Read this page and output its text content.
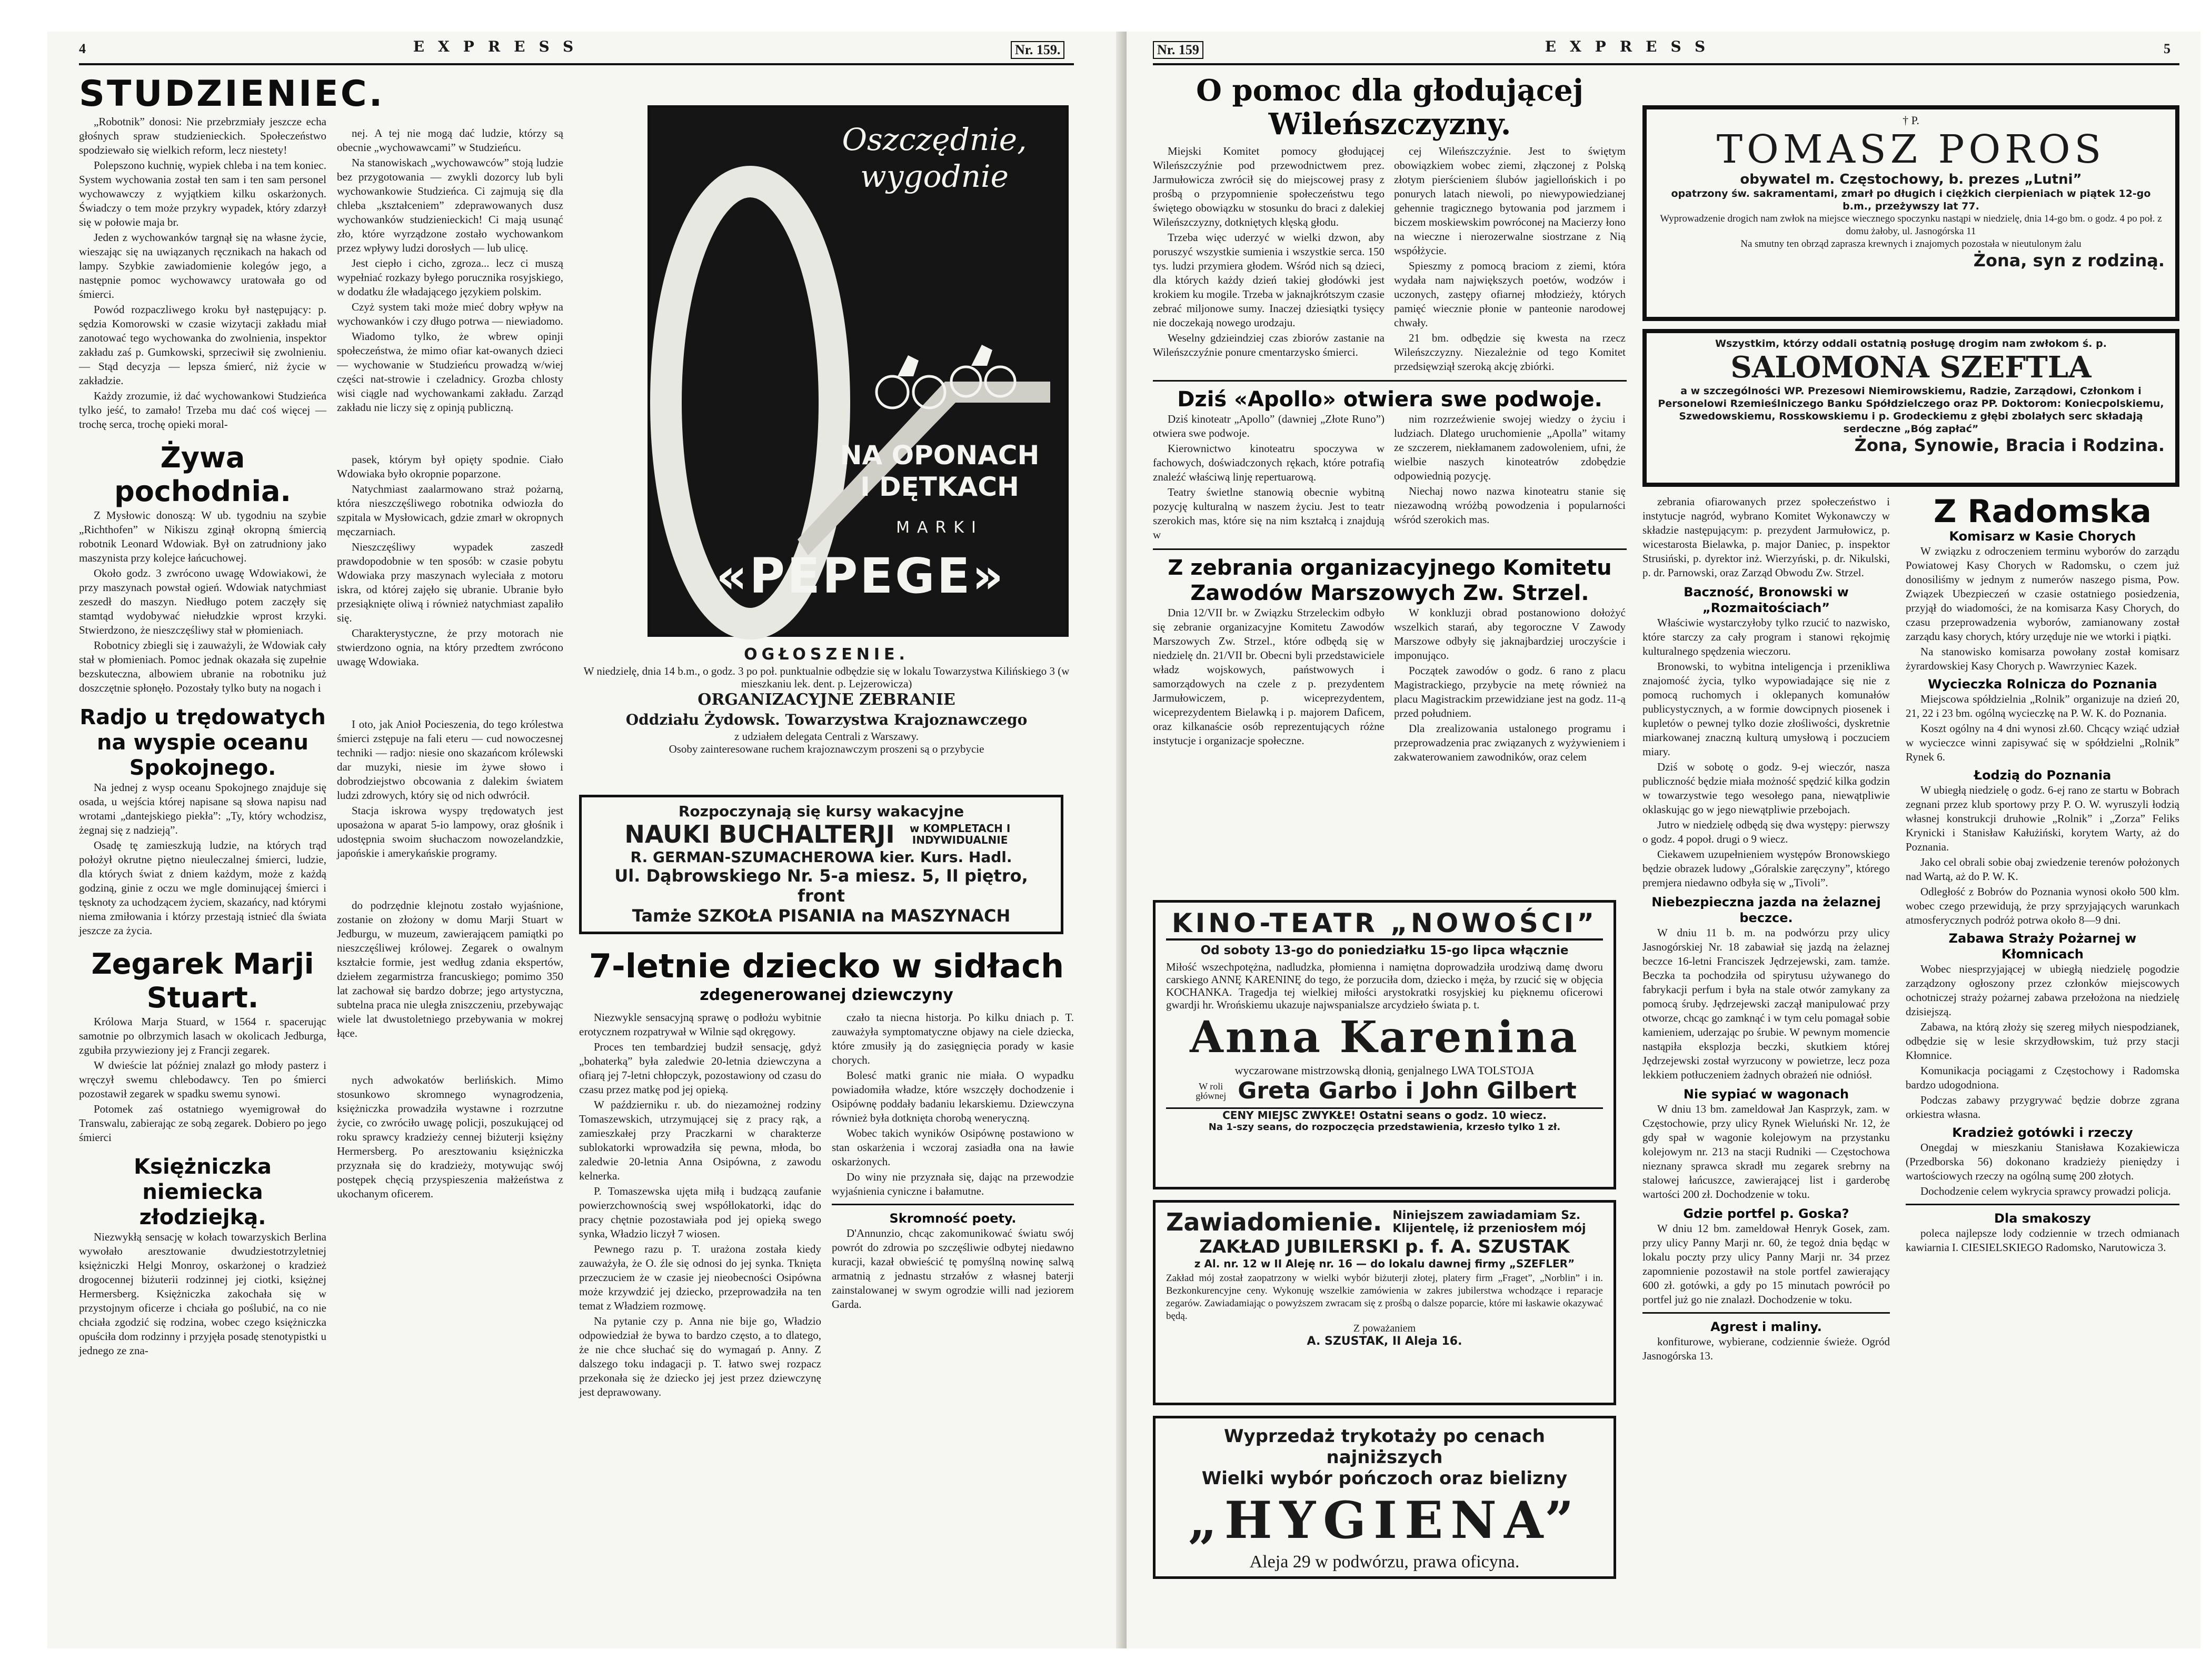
4	EXPRESS	Nr. 159.
STUDZIENIEC.

„Robotnik” donosi: Nie przebrzmiały jeszcze echa głośnych spraw studzienieckich. Społeczeństwo spodziewało się wielkich reform, lecz niestety!

Polepszono kuchnię, wypiek chleba i na tem koniec. System wychowania został ten sam i ten sam personel wychowawczy z wyjątkiem kilku oskarżonych. Świadczy o tem może przykry wypadek, który zdarzył się w połowie maja br.

Jeden z wychowanków targnął się na własne życie, wieszając się na uwiązanych ręcznikach na hakach od lampy. Szybkie zawiadomienie kolegów jego, a następnie pomoc wychowawcy uratowała go od śmierci.

Powód rozpaczliwego kroku był następujący: p. sędzia Komorowski w czasie wizytacji zakładu miał zanotować tego wychowanka do zwolnienia, inspektor zakładu zaś p. Gumkowski, sprzeciwił się zwolnieniu. — Stąd decyzja — lepsza śmierć, niż życie w zakładzie.

Każdy zrozumie, iż dać wychowankowi Studzieńca tylko jeść, to zamało! Trzeba mu dać coś więcej — trochę serca, trochę opieki moral-

Żywa pochodnia.

Z Mysłowic donoszą: W ub. tygodniu na szybie „Richthofen” w Nikiszu zginął okropną śmiercią robotnik Leonard Wdowiak. Był on zatrudniony jako maszynista przy kolejce łańcuchowej.

Około godz. 3 zwrócono uwagę Wdowiakowi, że przy maszynach powstał ogień. Wdowiak natychmiast zeszedł do maszyn. Niedługo potem zaczęły się stamtąd wydobywać niełudzkie wprost krzyki. Stwierdzono, że nieszczęśliwy stał w płomieniach.

Robotnicy zbiegli się i zauważyli, że Wdowiak cały stał w płomieniach. Pomoc jednak okazała się zupełnie bezskuteczna, albowiem ubranie na robotniku już doszczętnie spłonęło. Pozostały tylko buty na nogach i

Radjo u trędowatych na wyspie oceanu Spokojnego.

Na jednej z wysp oceanu Spokojnego znajduje się osada, u wejścia której napisane są słowa napisu nad wrotami „dantejskiego piekła”: „Ty, który wchodzisz, żegnaj się z nadzieją”.

Osadę tę zamieszkują ludzie, na których trąd położył okrutne piętno nieuleczalnej śmierci, ludzie, dla których świat z dniem każdym, może z każdą godziną, ginie z oczu we mgle dominującej śmierci i tęsknoty za uchodzącem życiem, skazańcy, nad którymi niema zmiłowania i którzy przestają istnieć dla świata jeszcze za życia.

Zegarek Marji Stuart.

Królowa Marja Stuard, w 1564 r. spacerując samotnie po olbrzymich lasach w okolicach Jedburga, zgubiła przywieziony jej z Francji zegarek.

W dwieście lat później znalazł go młody pasterz i wręczył swemu chlebodawcy. Ten po śmierci pozostawił zegarek w spadku swemu synowi.

Potomek zaś ostatniego wyemigrował do Transwalu, zabierając ze sobą zegarek. Dobiero po jego śmierci

Księżniczka niemiecka złodziejką.

Niezwykłą sensację w kołach towarzyskich Berlina wywołało aresztowanie dwudziestotrzyletniej księżniczki Helgi Monroy, oskarżonej o kradzież drogocennej biżuterii rodzinnej jej ciotki, księżnej Hermersberg. Księżniczka zakochała się w przystojnym oficerze i chciała go poślubić, na co nie chciała zgodzić się rodzina, wobec czego księżniczka opuściła dom rodzinny i przyjęła posadę stenotypistki u jednego ze zna-

nej. A tej nie mogą dać ludzie, którzy są obecnie „wychowawcami” w Studzieńcu.

Na stanowiskach „wychowawców” stoją ludzie bez przygotowania — zwykli dozorcy lub byli wychowankowie Studzieńca. Ci zajmują się dla chleba „kształceniem” zdeprawowanych dusz wychowanków studzienieckich! Ci mają usunąć zło, które wyrządzone zostało wychowankom przez wpływy ludzi dorosłych — lub ulicę.

Jest ciepło i cicho, zgroza... lecz ci muszą wypełniać rozkazy byłego porucznika rosyjskiego, w dodatku źle władającego językiem polskim.

Czyż system taki może mieć dobry wpływ na wychowanków i czy długo potrwa — niewiadomo.

Wiadomo tylko, że wbrew opinji społeczeństwa, że mimo ofiar kat-owanych dzieci — wychowanie w Studzieńcu prowadzą w/wiej części nat-strowie i czeladnicy. Grozba chlosty wisi ciągle nad wychowankami zakładu. Zarząd zakładu nie liczy się z opinją publiczną.

pasek, którym był opięty spodnie. Ciało Wdowiaka było okropnie poparzone.

Natychmiast zaalarmowano straż pożarną, która nieszczęśliwego robotnika odwiozła do szpitala w Mysłowicach, gdzie zmarł w okropnych męczarniach.

Nieszczęśliwy wypadek zaszedł prawdopodobnie w ten sposób: w czasie pobytu Wdowiaka przy maszynach wyleciała z motoru iskra, od której zajęło się ubranie. Ubranie było przesiąknięte oliwą i również natychmiast zapaliło się.

Charakterystyczne, że przy motorach nie stwierdzono ognia, na który przedtem zwrócono uwagę Wdowiaka.

I oto, jak Anioł Pocieszenia, do tego królestwa śmierci zstępuje na fali eteru — cud nowoczesnej techniki — radjo: niesie ono skazańcom królewski dar muzyki, niesie im żywe słowo i dobrodziejstwo obcowania z dalekim światem ludzi zdrowych, który się od nich odwrócił.

Stacja iskrowa wyspy trędowatych jest uposażona w aparat 5-io lampowy, oraz głośnik i udostępnia swoim słuchaczom nowozelandzkie, japońskie i amerykańskie programy.

do podrzędnie klejnotu zostało wyjaśnione, zostanie on złożony w domu Marji Stuart w Jedburgu, w muzeum, zawierającem pamiątki po nieszczęśliwej królowej. Zegarek o owalnym kształcie formie, jest według zdania ekspertów, dziełem zegarmistrza francuskiego; pomimo 350 lat zachował się bardzo dobrze; jego artystyczna, subtelna praca nie uległa zniszczeniu, przebywając wiele lat dwustoletniego przebywania w mokrej łące.

nych adwokatów berlińskich. Mimo stosunkowo skromnego wynagrodzenia, księżniczka prowadziła wystawne i rozrzutne życie, co zwróciło uwagę policji, poszukującej od roku sprawcy kradzieży cennej biżuterji księżny Hermersberg. Po aresztowaniu księżniczka przyznała się do kradzieży, motywując swój postępek chęcią przyspieszenia małżeństwa z ukochanym oficerem.

Oszczędnie,
wygodnie
NA OPONACH
I DĘTKACH
MARKI
«PEPEGE»
OGŁOSZENIE.
W niedzielę, dnia 14 b.m., o godz. 3 po poł. punktualnie odbędzie się w lokalu Towarzystwa Kilińskiego 3 (w mieszkaniu lek. dent. p. Lejzerowicza)
ORGANIZACYJNE ZEBRANIE
Oddziału Żydowsk. Towarzystwa Krajoznawczego
z udziałem delegata Centrali z Warszawy.
Osoby zainteresowane ruchem krajoznawczym proszeni są o przybycie
Rozpoczynają się kursy wakacyjne
NAUKI BUCHALTERJI	w KOMPLETACH I INDYWIDUALNIE
R. GERMAN-SZUMACHEROWA kier. Kurs. Hadl.
Ul. Dąbrowskiego Nr. 5-a miesz. 5, II piętro, front
Tamże SZKOŁA PISANIA na MASZYNACH
7-letnie dziecko w sidłach
zdegenerowanej dziewczyny

Niezwykle sensacyjną sprawę o podłożu wybitnie erotycznem rozpatrywał w Wilnie sąd okręgowy.

Proces ten tembardziej budził sensację, gdyż „bohaterką” była zaledwie 20-letnia dziewczyna a ofiarą jej 7-letni chłopczyk, pozostawiony od czasu do czasu przez matkę pod jej opieką.

W październiku r. ub. do niezamożnej rodziny Tomaszewskich, utrzymującej się z pracy rąk, a zamieszkałej przy Praczkarni w charakterze sublokatorki wprowadziła się pewna, młoda, bo zaledwie 20-letnia Anna Osipówna, z zawodu kelnerka.

P. Tomaszewska ujęta miłą i budzącą zaufanie powierzchownością swej współlokatorki, idąc do pracy chętnie pozostawiała pod jej opieką swego synka, Władzio liczył 7 wiosen.

Pewnego razu p. T. urażona została kiedy zauważyła, że O. źle się odnosi do jej synka. Tknięta przeczuciem że w czasie jej nieobecności Osipówna może krzywdzić jej dziecko, przeprowadziła na ten temat z Władziem rozmowę.

Na pytanie czy p. Anna nie bije go, Władzio odpowiedział że bywa to bardzo często, a to dlatego, że nie chce słuchać się do wymagań p. Anny. Z dalszego toku indagacji p. T. łatwo swej rozpacz przekonała się że dziecko jej jest przez dziewczynę jest deprawowany.

czało ta niecna historja. Po kilku dniach p. T. zauważyła symptomatyczne objawy na ciele dziecka, które zmusiły ją do zasięgnięcia porady w kasie chorych.

Bolesć matki granic nie miała. O wypadku powiadomiła władze, które wszczęły dochodzenie i Osipównę poddały badaniu lekarskiemu. Dziewczyna również była dotknięta chorobą weneryczną.

Wobec takich wyników Osipównę postawiono w stan oskarżenia i wczoraj zasiadła ona na ławie oskarżonych.

Do winy nie przyznała się, dając na przewodzie wyjaśnienia cyniczne i bałamutne.

Skromność poety.

D'Annunzio, chcąc zakomunikować światu swój powrót do zdrowia po szczęśliwie odbytej niedawno kuracji, kazał obwieścić tę pomyślną nowinę salwą armatnią z jednastu strzałów z własnej baterji zainstalowanej w swym ogrodzie willi nad jeziorem Garda.

Nr. 159	EXPRESS	5
O pomoc dla głodującej Wileńszczyzny.

Miejski Komitet pomocy głodującej Wileńszczyźnie pod przewodnictwem prez. Jarmułowicza zwrócił się do miejscowej prasy z prośbą o przypomnienie społeczeństwu tego świętego obowiązku w stosunku do braci z dalekiej Wileńszczyzny, dotkniętych klęską głodu.

Trzeba więc uderzyć w wielki dzwon, aby poruszyć wszystkie sumienia i wszystkie serca. 150 tys. ludzi przymiera głodem. Wśród nich są dzieci, dla których każdy dzień takiej głodówki jest krokiem ku mogile. Trzeba w jaknajkrótszym czasie zebrać miljonowe sumy. Inaczej dziesiątki tysięcy nie doczekają nowego urodzaju.

Weselny gdzieindziej czas zbiorów zastanie na Wileńszczyźnie ponure cmentarzysko śmierci.

cej Wileńszczyźnie. Jest to świętym obowiązkiem wobec ziemi, złączonej z Polską złotym pierścieniem ślubów jagiellońskich i po ponurych latach niewoli, po niewypowiedzianej gehennie tragicznego bytowania pod jarzmem i biczem moskiewskim powróconej na Macierzy łono na wieczne i nierozerwalne siostrzane z Nią współżycie.

Spieszmy z pomocą braciom z ziemi, która wydała nam największych poetów, wodzów i uczonych, zastępy ofiarnej młodzieży, których pamięć wiecznie płonie w panteonie narodowej chwały.

21 bm. odbędzie się kwesta na rzecz Wileńszczyzny. Niezależnie od tego Komitet przedsięwziął szeroką akcję zbiórki.

Dziś «Apollo» otwiera swe podwoje.

Dziś kinoteatr „Apollo” (dawniej „Złote Runo”) otwiera swe podwoje.

Kierownictwo kinoteatru spoczywa w fachowych, doświadczonych rękach, które potrafią znaleźć właściwą linję repertuarową.

Teatry świetlne stanowią obecnie wybitną pozycję kulturalną w naszem życiu. Jest to teatr szerokich mas, które się na nim kształcą i znajdują w

nim rozrzeźwienie swojej wiedzy o życiu i ludziach. Dlatego uruchomienie „Apolla” witamy ze szczerem, niekłamanem zadowoleniem, ufni, że wielbie naszych kinoteatrów zdobędzie odpowiednią pozycję.

Niechaj nowo nazwa kinoteatru stanie się niezawodną wróżbą powodzenia i popularności wśród szerokich mas.

Z zebrania organizacyjnego Komitetu Zawodów Marszowych Zw. Strzel.

Dnia 12/VII br. w Związku Strzeleckim odbyło się zebranie organizacyjne Komitetu Zawodów Marszowych Zw. Strzel., które odbędą się w niedzielę dn. 21/VII br. Obecni byli przedstawiciele władz wojskowych, państwowych i samorządowych na czele z p. prezydentem Jarmułowiczem, p. wiceprezydentem, wiceprezydentem Bielawką i p. majorem Daficem, oraz kilkanaście osób reprezentujących różne instytucje i organizacje społeczne.

W konkluzji obrad postanowiono dołożyć wszelkich starań, aby tegoroczne V Zawody Marszowe odbyły się jaknajbardziej uroczyście i imponująco.

Początek zawodów o godz. 6 rano z placu Magistrackiego, przybycie na metę również na placu Magistrackim przewidziane jest na godz. 11-ą przed południem.

Dla zrealizowania ustalonego programu i przeprowadzenia prac związanych z wyżywieniem i zakwaterowaniem zawodników, oraz celem

KINO-TEATR „NOWOŚCI”
Od soboty 13-go do poniedziałku 15-go lipca włącznie
Miłość wszechpotężna, nadludzka, płomienna i namiętna doprowadziła urodziwą damę dworu carskiego ANNĘ KARENINĘ do tego, że porzuciła dom, dziecko i męża, by rzucić się w objęcia KOCHANKA. Tragedja tej wielkiej miłości arystokratki rosyjskiej ku pięknemu oficerowi gwardji hr. Wrońskiemu ukazuje najwspanialsze arcydzieło świata p. t.
Anna Karenina
wyczarowane mistrzowską dłonią, genjalnego LWA TOLSTOJA
W roli głównej Greta Garbo i John Gilbert
CENY MIEJSC ZWYKŁE! Ostatni seans o godz. 10 wiecz.
Na 1-szy seans, do rozpoczęcia przedstawienia, krzesło tylko 1 zł.
Zawiadomienie. Niniejszem zawiadamiam Sz. Klijentelę, iż przeniosłem mój
ZAKŁAD JUBILERSKI p. f. A. SZUSTAK
z Al. nr. 12 w II Aleję nr. 16 — do lokalu dawnej firmy „SZEFLER”
Zakład mój został zaopatrzony w wielki wybór biżuterji złotej, platery firm „Fraget”, „Norblin” i in. Bezkonkurencyjne ceny. Wykonuję wszelkie zamówienia w zakres jubilerstwa wchodzące i reparacje zegarów. Zawiadamiając o powyższem zwracam się z prośbą o dalsze poparcie, które mi łaskawie okazywać będą.
Z poważaniem
A. SZUSTAK, II Aleja 16.
Wyprzedaż trykotaży po cenach najniższych
Wielki wybór pończoch oraz bielizny
„HYGIENA”
Aleja 29 w podwórzu, prawa oficyna.
† P.
TOMASZ POROS
obywatel m. Częstochowy, b. prezes „Lutni”
opatrzony św. sakramentami, zmarł po długich i ciężkich cierpieniach w piątek 12-go b.m., przeżywszy lat 77.
Wyprowadzenie drogich nam zwłok na miejsce wiecznego spoczynku nastąpi w niedzielę, dnia 14-go bm. o godz. 4 po poł. z domu żałoby, ul. Jasnogórska 11
Na smutny ten obrząd zaprasza krewnych i znajomych pozostała w nieutulonym żalu
Żona, syn z rodziną.
Wszystkim, którzy oddali ostatnią posługę drogim nam zwłokom ś. p.
SALOMONA SZEFTLA
a w szczególności WP. Prezesowi Niemirowskiemu, Radzie, Zarządowi, Członkom i Personelowi Rzemieślniczego Banku Spółdzielczego oraz PP. Doktorom: Koniecpolskiemu, Szwedowskiemu, Rosskowskiemu i p. Grodeckiemu z głębi zbolałych serc składają serdeczne „Bóg zapłać”
Żona, Synowie, Bracia i Rodzina.

zebrania ofiarowanych przez społeczeństwo i instytucje nagród, wybrano Komitet Wykonawczy w składzie następującym: p. prezydent Jarmułowicz, p. wicestarosta Bielawka, p. major Daniec, p. inspektor Strusiński, p. dyrektor inż. Wierzyński, p. dr. Nikulski, p. dr. Parnowski, oraz Zarząd Obwodu Zw. Strzel.

Baczność, Bronowski w „Rozmaitościach”

Właściwie wystarczyłoby tylko rzucić to nazwisko, które starczy za cały program i stanowi rękojmię kulturalnego spędzenia wieczoru.

Bronowski, to wybitna inteligencja i przenikliwa znajomość życia, tylko wypowiadające się nie z pomocą ruchomych i oklepanych komunałów publicystycznych, a w formie dowcipnych piosenek i kupletów o pewnej tylko dozie złośliwości, dyskretnie miarkowanej znaczną kulturą umysłową i poczuciem miary.

Dziś w sobotę o godz. 9-ej wieczór, nasza publiczność będzie miała możność spędzić kilka godzin w towarzystwie tego wesołego pana, niewątpliwie oklaskując go w jego niewątpliwie przebojach.

Jutro w niedzielę odbędą się dwa występy: pierwszy o godz. 4 popoł. drugi o 9 wiecz.

Ciekawem uzupełnieniem występów Bronowskiego będzie obrazek ludowy „Góralskie zaręczyny”, którego premjera niedawno odbyła się w „Tivoli”.

Niebezpieczna jazda na żelaznej beczce.

W dniu 11 b. m. na podwórzu przy ulicy Jasnogórskiej Nr. 18 zabawiał się jazdą na żelaznej beczce 16-letni Franciszek Jędrzejewski, zam. tamże. Beczka ta pochodziła od spirytusu używanego do fabrykacji perfum i była na stale otwór zamykany za pomocą śruby. Jędrzejewski zaczął manipulować przy otworze, chcąc go zamknąć i w tym celu pomagał sobie kamieniem, uderzając po śrubie. W pewnym momencie nastąpiła eksplozja beczki, skutkiem której Jędrzejewski został wyrzucony w powietrze, lecz poza lekkiem potłuczeniem żadnych obrażeń nie odniósł.

Nie sypiać w wagonach

W dniu 13 bm. zameldował Jan Kasprzyk, zam. w Częstochowie, przy ulicy Rynek Wieluński Nr. 12, że gdy spał w wagonie kolejowym na przystanku kolejowym nr. 213 na stacji Rudniki — Częstochowa nieznany sprawca skradł mu zegarek srebrny na stalowej łańcuszce, zawierającej list i garderobę wartości 200 zł. Dochodzenie w toku.

Gdzie portfel p. Goska?

W dniu 12 bm. zameldował Henryk Gosek, zam. przy ulicy Panny Marji nr. 60, że tegoż dnia będąc w lokalu poczty przy ulicy Panny Marji nr. 34 przez zapomnienie pozostawił na stole portfel zawierający 600 zł. gotówki, a gdy po 15 minutach powrócił po portfel już go nie znalazł. Dochodzenie w toku.

Agrest i maliny.

konfiturowe, wybierane, codziennie świeże. Ogród Jasnogórska 13.

Z Radomska
Komisarz w Kasie Chorych

W związku z odroczeniem terminu wyborów do zarządu Powiatowej Kasy Chorych w Radomsku, o czem już donosiliśmy w jednym z numerów naszego pisma, Pow. Związek Ubezpieczeń w czasie ostatniego posiedzenia, przyjął do wiadomości, że na komisarza Kasy Chorych, do czasu przeprowadzenia wyborów, zamianowany został zarządu kasy chorych, który urzęduje nie we wtorki i piątki.

Na stanowisko komisarza powołany został komisarz żyrardowskiej Kasy Chorych p. Wawrzyniec Kazek.

Wycieczka Rolnicza do Poznania

Miejscowa spółdzielnia „Rolnik” organizuje na dzień 20, 21, 22 i 23 bm. ogólną wycieczkę na P. W. K. do Poznania.

Koszt ogólny na 4 dni wynosi zł.60. Chcący wziąć udział w wycieczce winni zapisywać się w spółdzielni „Rolnik” Rynek 6.

Łodzią do Poznania

W ubiegłą niedzielę o godz. 6-ej rano ze startu w Bobrach zegnani przez klub sportowy przy P. O. W. wyruszyli łodzią własnej konstrukcji druhowie „Rolnik” i „Zorza” Feliks Krynicki i Stanisław Kałużiński, korytem Warty, aż do Poznania.

Jako cel obrali sobie obaj zwiedzenie terenów położonych nad Wartą, aż do P. W. K.

Odległość z Bobrów do Poznania wynosi około 500 klm. wobec czego przewidują, że przy sprzyjających warunkach atmosferycznych podróż potrwa około 8—9 dni.

Zabawa Straży Pożarnej w Kłomnicach

Wobec niesprzyjającej w ubiegłą niedzielę pogodzie zarządzony ogłoszony przez członków miejscowych ochotniczej straży pożarnej zabawa przełożona na niedzielę dzisiejszą.

Zabawa, na którą złoży się szereg miłych niespodzianek, odbędzie się w lesie skrzydłowskim, tuż przy stacji Kłomnice.

Komunikacja pociągami z Częstochowy i Radomska bardzo udogodniona.

Podczas zabawy przygrywać będzie dobrze zgrana orkiestra własna.

Kradzież gotówki i rzeczy

Onegdaj w mieszkaniu Stanisława Kozakiewicza (Przedborska 56) dokonano kradzieży pieniędzy i wartościowych rzeczy na ogólną sumę 200 złotych.

Dochodzenie celem wykrycia sprawcy prowadzi policja.

Dla smakoszy

poleca najlepsze lody codziennie w trzech odmianach kawiarnia I. CIESIELSKIEGO Radomsko, Narutowicza 3.
